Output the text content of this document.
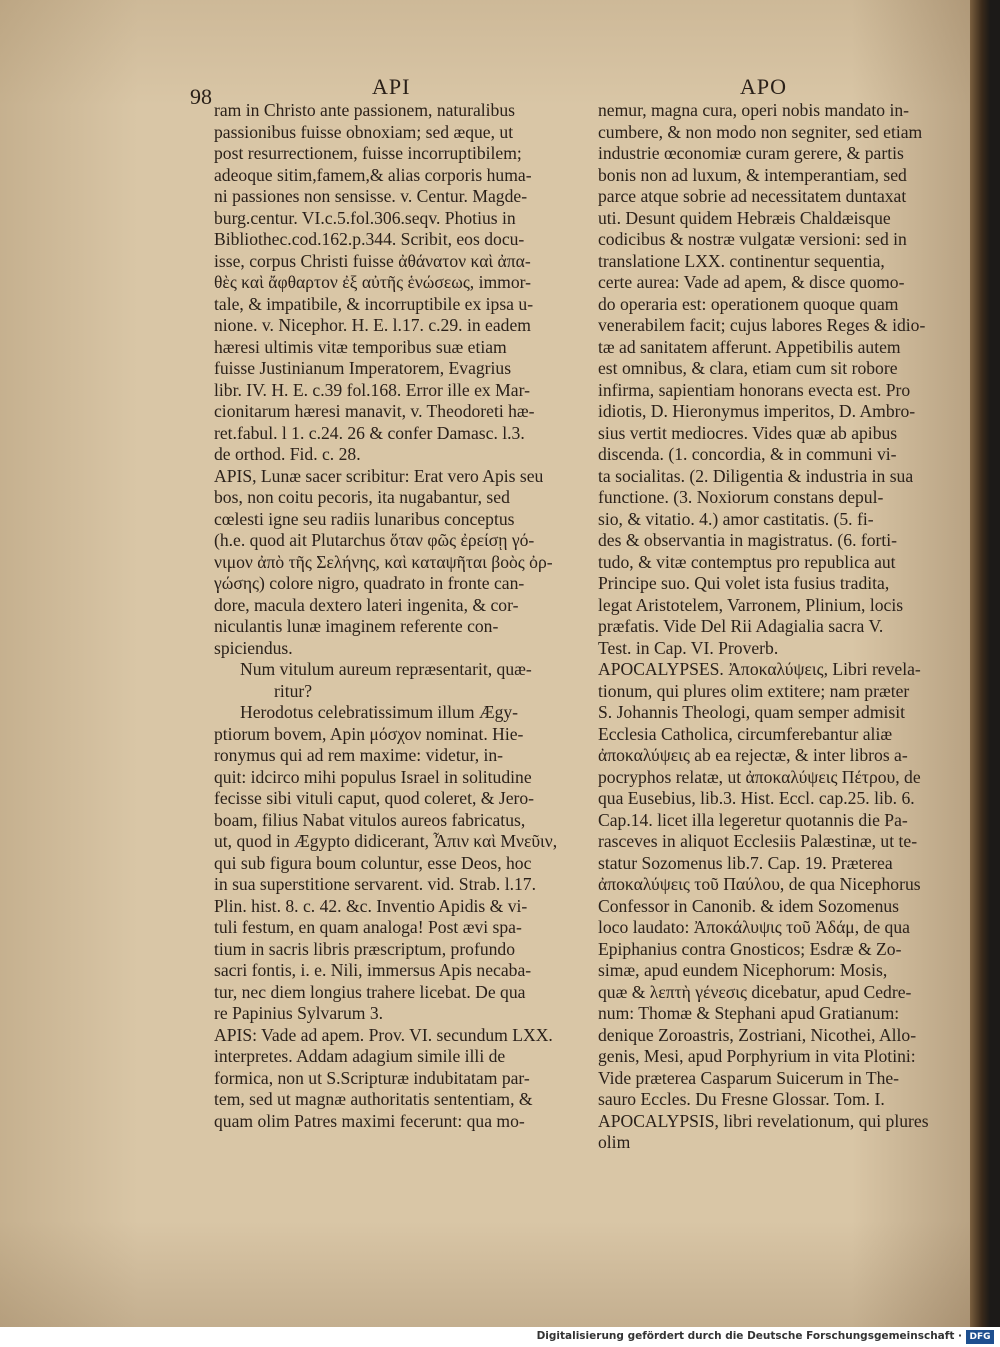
98	API	APO
ram in Christo ante passionem, naturalibus
passionibus fuisse obnoxiam; sed æque, ut
post resurrectionem, fuisse incorruptibilem;
adeoque sitim,famem,& alias corporis huma-
ni passiones non sensisse. v. Centur. Magde-
burg.centur. VI.c.5.fol.306.seqv. Photius in
Bibliothec.cod.162.p.344. Scribit, eos docu-
isse, corpus Christi fuisse ἀθάνατον καὶ ἀπα-
θὲς καὶ ἄφθαρτον ἐξ αὐτῆς ἑνώσεως, immor-
tale, & impatibile, & incorruptibile ex ipsa u-
nione. v. Nicephor. H. E. l.17. c.29. in eadem
hæresi ultimis vitæ temporibus suæ etiam
fuisse Justinianum Imperatorem, Evagrius
libr. IV. H. E. c.39 fol.168. Error ille ex Mar-
cionitarum hæresi manavit, v. Theodoreti hæ-
ret.fabul. l 1. c.24. 26 & confer Damasc. l.3.
de orthod. Fid. c. 28.
APIS, Lunæ sacer scribitur: Erat vero Apis seu
bos, non coitu pecoris, ita nugabantur, sed
cœlesti igne seu radiis lunaribus conceptus
(h.e. quod ait Plutarchus ὅταν φῶς ἐρείσῃ γό-
νιμον ἀπὸ τῆς Σελήνης, καὶ καταψῆται βοὸς ὀρ-
γώσης) colore nigro, quadrato in fronte can-
dore, macula dextero lateri ingenita, & cor-
niculantis lunæ imaginem referente con-
spiciendus.
Num vitulum aureum repræsentarit, quæ-
ritur?
Herodotus celebratissimum illum Ægy-
ptiorum bovem, Apin μόσχον nominat. Hie-
ronymus qui ad rem maxime: videtur, in-
quit: idcirco mihi populus Israel in solitudine
fecisse sibi vituli caput, quod coleret, & Jero-
boam, filius Nabat vitulos aureos fabricatus,
ut, quod in Ægypto didicerant, Ἆπιν καὶ Μνεῦιν,
qui sub figura boum coluntur, esse Deos, hoc
in sua superstitione servarent. vid. Strab. l.17.
Plin. hist. 8. c. 42. &c. Inventio Apidis & vi-
tuli festum, en quam analoga! Post ævi spa-
tium in sacris libris præscriptum, profundo
sacri fontis, i. e. Nili, immersus Apis necaba-
tur, nec diem longius trahere licebat. De qua
re Papinius Sylvarum 3.
APIS: Vade ad apem. Prov. VI. secundum LXX.
interpretes. Addam adagium simile illi de
formica, non ut S.Scripturæ indubitatam par-
tem, sed ut magnæ authoritatis sententiam, &
quam olim Patres maximi fecerunt: qua mo-
nemur, magna cura, operi nobis mandato in-
cumbere, & non modo non segniter, sed etiam
industrie œconomiæ curam gerere, & partis
bonis non ad luxum, & intemperantiam, sed
parce atque sobrie ad necessitatem duntaxat
uti. Desunt quidem Hebræis Chaldæisque
codicibus & nostræ vulgatæ versioni: sed in
translatione LXX. continentur sequentia,
certe aurea: Vade ad apem, & disce quomo-
do operaria est: operationem quoque quam
venerabilem facit; cujus labores Reges & idio-
tæ ad sanitatem afferunt. Appetibilis autem
est omnibus, & clara, etiam cum sit robore
infirma, sapientiam honorans evecta est. Pro
idiotis, D. Hieronymus imperitos, D. Ambro-
sius vertit mediocres. Vides quæ ab apibus
discenda. (1. concordia, & in communi vi-
ta socialitas. (2. Diligentia & industria in sua
functione. (3. Noxiorum constans depul-
sio, & vitatio. 4.) amor castitatis. (5. fi-
des & observantia in magistratus. (6. forti-
tudo, & vitæ contemptus pro republica aut
Principe suo. Qui volet ista fusius tradita,
legat Aristotelem, Varronem, Plinium, locis
præfatis. Vide Del Rii Adagialia sacra V.
Test. in Cap. VI. Proverb.
APOCALYPSES. Ἀποκαλύψεις, Libri revela-
tionum, qui plures olim extitere; nam præter
S. Johannis Theologi, quam semper admisit
Ecclesia Catholica, circumferebantur aliæ
ἀποκαλύψεις ab ea rejectæ, & inter libros a-
pocryphos relatæ, ut ἀποκαλύψεις Πέτρου, de
qua Eusebius, lib.3. Hist. Eccl. cap.25. lib. 6.
Cap.14. licet illa legeretur quotannis die Pa-
rasceves in aliquot Ecclesiis Palæstinæ, ut te-
statur Sozomenus lib.7. Cap. 19. Præterea
ἀποκαλύψεις τοῦ Παύλου, de qua Nicephorus
Confessor in Canonib. & idem Sozomenus
loco laudato: Ἀποκάλυψις τοῦ Ἀδάμ, de qua
Epiphanius contra Gnosticos; Esdræ & Zo-
simæ, apud eundem Nicephorum: Mosis,
quæ & λεπτὴ γένεσις dicebatur, apud Cedre-
num: Thomæ & Stephani apud Gratianum:
denique Zoroastris, Zostriani, Nicothei, Allo-
genis, Mesi, apud Porphyrium in vita Plotini:
Vide præterea Casparum Suicerum in The-
sauro Eccles. Du Fresne Glossar. Tom. I.
APOCALYPSIS, libri revelationum, qui plures
olim
Digitalisierung gefördert durch die Deutsche Forschungsgemeinschaft · DFG
